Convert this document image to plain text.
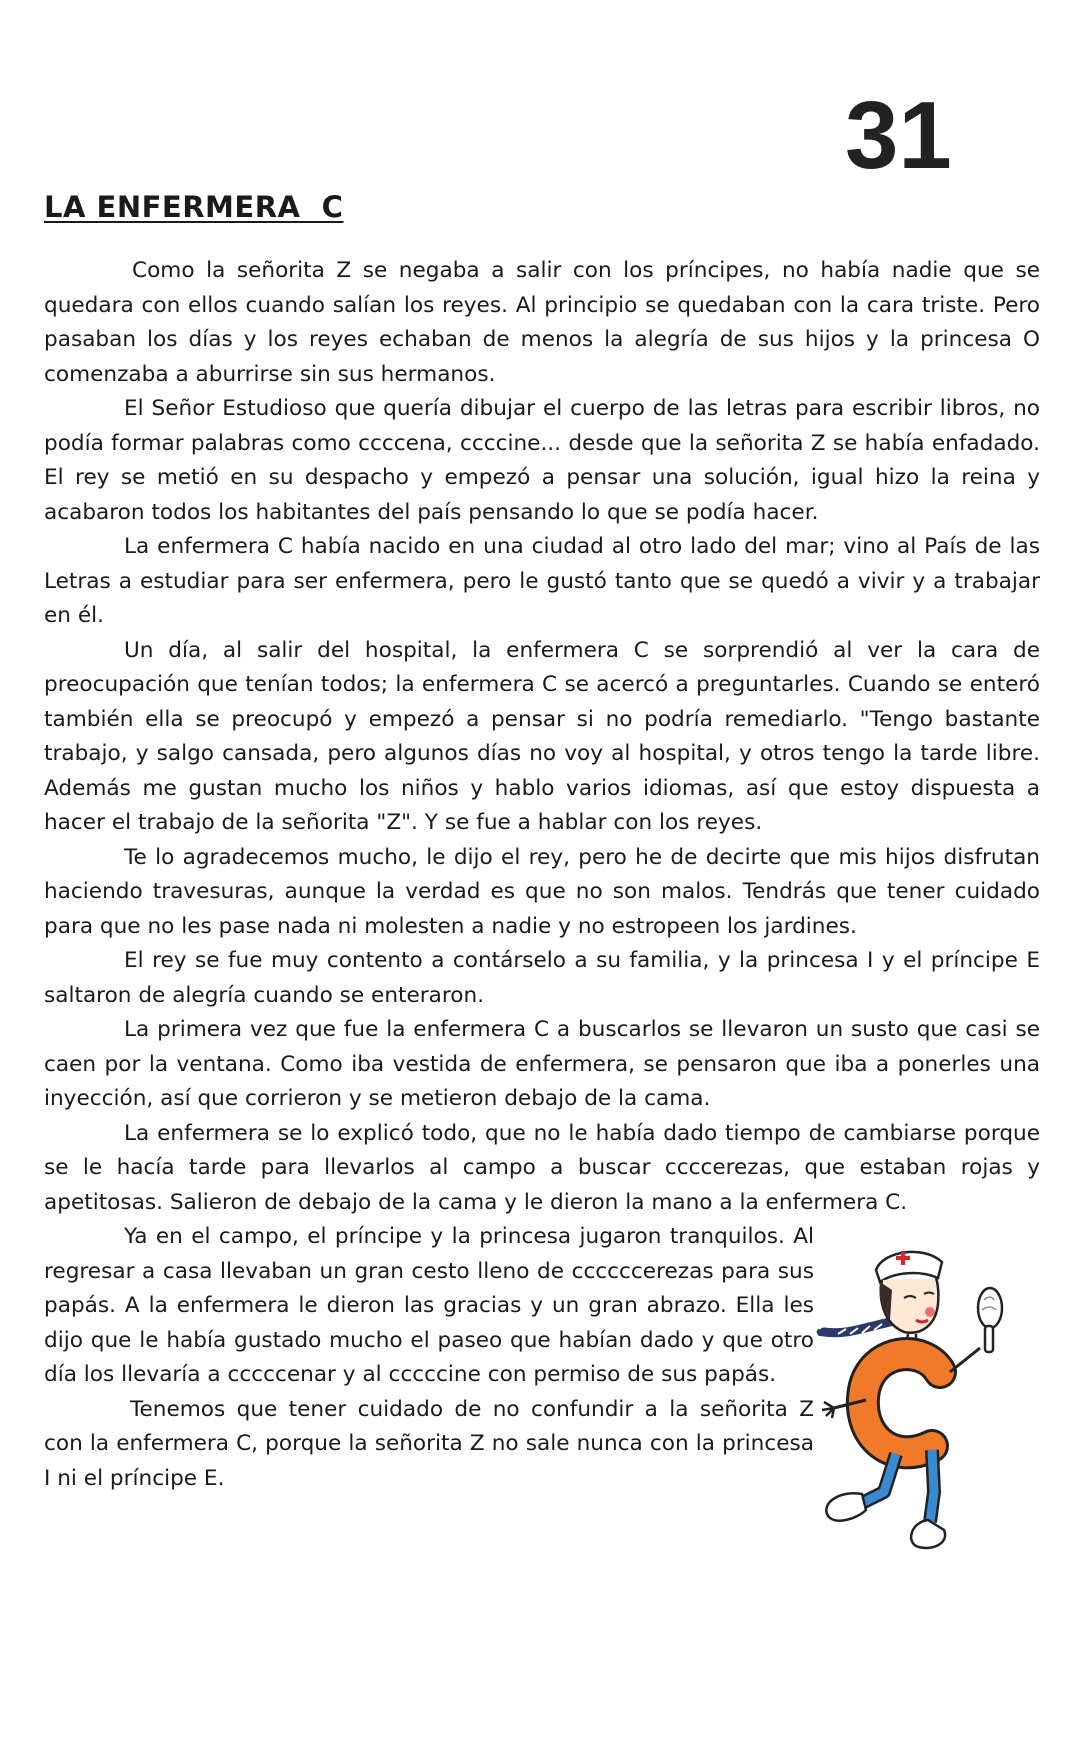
31
LA ENFERMERA  C

Como la señorita Z se negaba a salir con los príncipes, no había nadie que se quedara con ellos cuando salían los reyes. Al principio se quedaban con la cara triste. Pero pasaban los días y los reyes echaban de menos la alegría de sus hijos y la princesa O comenzaba a aburrirse sin sus hermanos.

El Señor Estudioso que quería dibujar el cuerpo de las letras para escribir libros, no podía formar palabras como ccccena, ccccine... desde que la señorita Z se había enfadado. El rey se metió en su despacho y empezó a pensar una solución, igual hizo la reina y acabaron todos los habitantes del país pensando lo que se podía hacer.

La enfermera C había nacido en una ciudad al otro lado del mar; vino al País de las Letras a estudiar para ser enfermera, pero le gustó tanto que se quedó a vivir y a trabajar en él.

Un día, al salir del hospital, la enfermera C se sorprendió al ver la cara de preocupación que tenían todos; la enfermera C se acercó a preguntarles. Cuando se enteró también ella se preocupó y empezó a pensar si no podría remediarlo. "Tengo bastante trabajo, y salgo cansada, pero algunos días no voy al hospital, y otros tengo la tarde libre. Además me gustan mucho los niños y hablo varios idiomas, así que estoy dispuesta a hacer el trabajo de la señorita "Z". Y se fue a hablar con los reyes.

Te lo agradecemos mucho, le dijo el rey, pero he de decirte que mis hijos disfrutan haciendo travesuras, aunque la verdad es que no son malos. Tendrás que tener cuidado para que no les pase nada ni molesten a nadie y no estropeen los jardines.

El rey se fue muy contento a contárselo a su familia, y la princesa I y el príncipe E saltaron de alegría cuando se enteraron.

La primera vez que fue la enfermera C a buscarlos se llevaron un susto que casi se caen por la ventana. Como iba vestida de enfermera, se pensaron que iba a ponerles una inyección, así que corrieron y se metieron debajo de la cama.

La enfermera se lo explicó todo, que no le había dado tiempo de cambiarse porque se le hacía tarde para llevarlos al campo a buscar ccccerezas, que estaban rojas y apetitosas. Salieron de debajo de la cama y le dieron la mano a la enfermera C.

Ya en el campo, el príncipe y la princesa jugaron tranquilos. Al regresar a casa llevaban un gran cesto lleno de ccccccerezas para sus papás. A la enfermera le dieron las gracias y un gran abrazo. Ella les dijo que le había gustado mucho el paseo que habían dado y que otro día los llevaría a cccccenar y al cccccine con permiso de sus papás.

Tenemos que tener cuidado de no confundir a la señorita Z con la enfermera C, porque la señorita Z no sale nunca con la princesa I ni el príncipe E.
